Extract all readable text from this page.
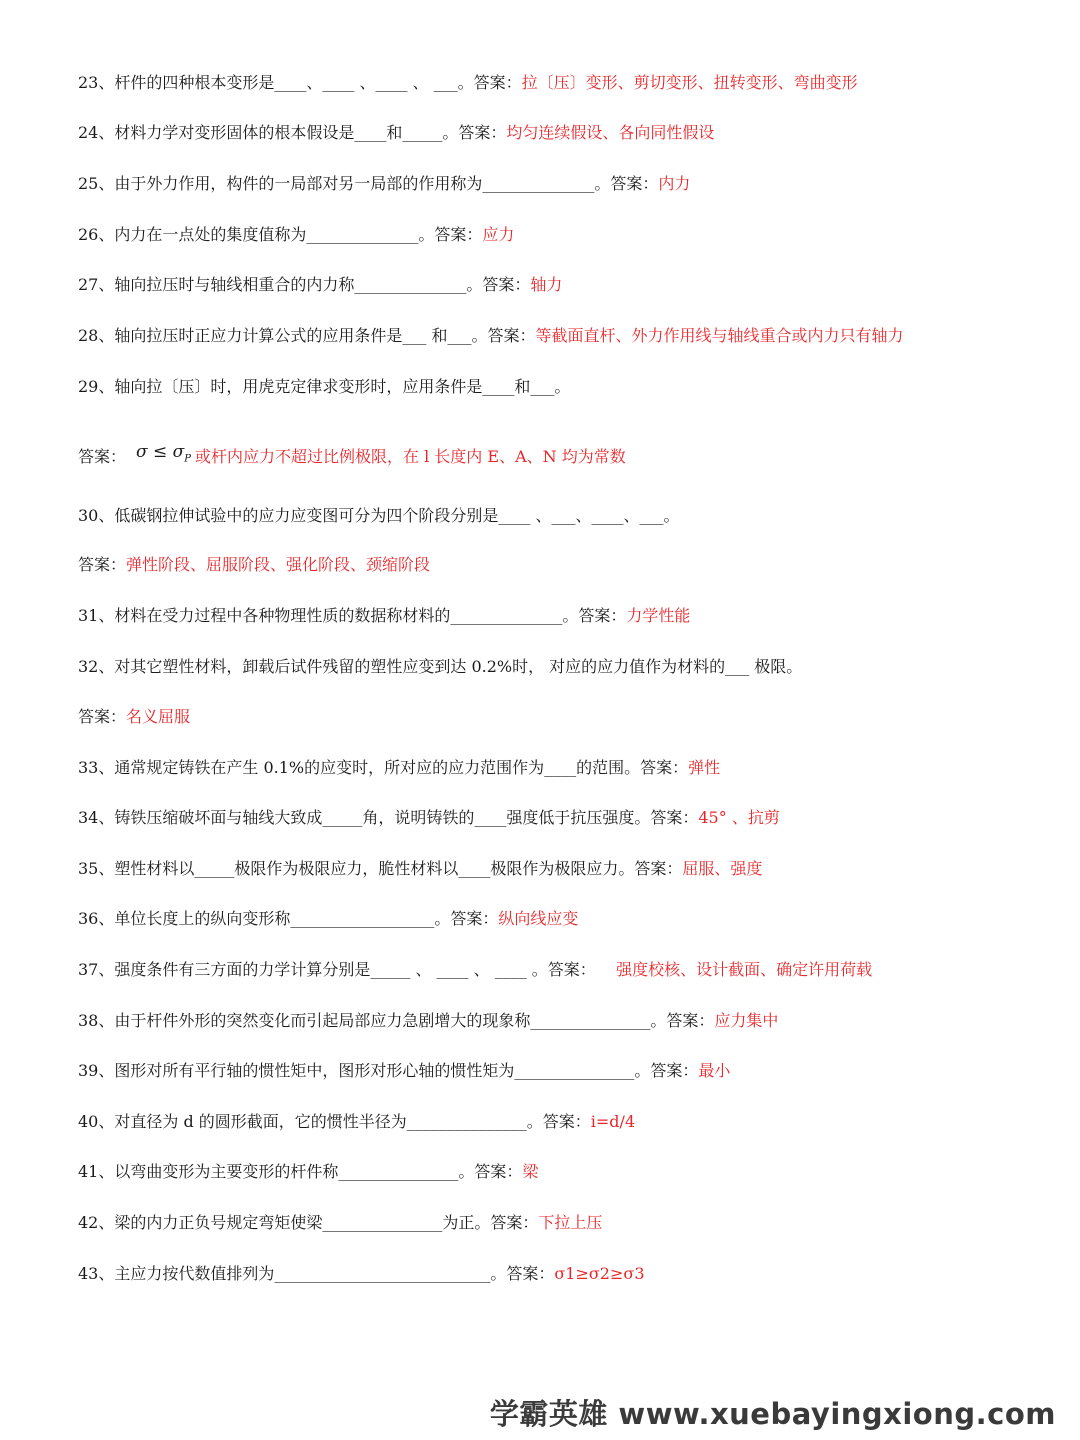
23、杆件的四种根本变形是____、____ 、____ 、 ___。答案：拉〔压〕变形、剪切变形、扭转变形、弯曲变形
24、材料力学对变形固体的根本假设是____和_____。答案：均匀连续假设、各向同性假设
25、由于外力作用，构件的一局部对另一局部的作用称为______________。答案：内力
26、内力在一点处的集度值称为______________。答案：应力
27、轴向拉压时与轴线相重合的内力称______________。答案：轴力
28、轴向拉压时正应力计算公式的应用条件是___ 和___。答案：等截面直杆、外力作用线与轴线重合或内力只有轴力
29、轴向拉〔压〕时，用虎克定律求变形时，应用条件是____和___。
答案： $\sigma \le \sigma_P$ 或杆内应力不超过比例极限，在 l 长度内 E、A、N 均为常数
30、低碳钢拉伸试验中的应力应变图可分为四个阶段分别是____ 、___、____、___。
答案：弹性阶段、屈服阶段、强化阶段、颈缩阶段
31、材料在受力过程中各种物理性质的数据称材料的______________。答案：力学性能
32、对其它塑性材料，卸载后试件残留的塑性应变到达 0.2%时， 对应的应力值作为材料的___ 极限。
答案：名义屈服
33、通常规定铸铁在产生 0.1%的应变时，所对应的应力范围作为____的范围。答案：弹性
34、铸铁压缩破坏面与轴线大致成_____角，说明铸铁的____强度低于抗压强度。答案：45° 、抗剪
35、塑性材料以_____极限作为极限应力，脆性材料以____极限作为极限应力。答案：屈服、强度
36、单位长度上的纵向变形称__________________。答案：纵向线应变
37、强度条件有三方面的力学计算分别是_____ 、 ____ 、 ____ 。答案：    强度校核、设计截面、确定许用荷载
38、由于杆件外形的突然变化而引起局部应力急剧增大的现象称_______________。答案：应力集中
39、图形对所有平行轴的惯性矩中，图形对形心轴的惯性矩为_______________。答案：最小
40、对直径为 d 的圆形截面，它的惯性半径为_______________。答案：i=d/4
41、以弯曲变形为主要变形的杆件称_______________。答案：梁
42、梁的内力正负号规定弯矩使梁_______________为正。答案：下拉上压
43、主应力按代数值排列为___________________________。答案：σ1≥σ2≥σ3
学霸英雄 www.xuebayingxiong.com
